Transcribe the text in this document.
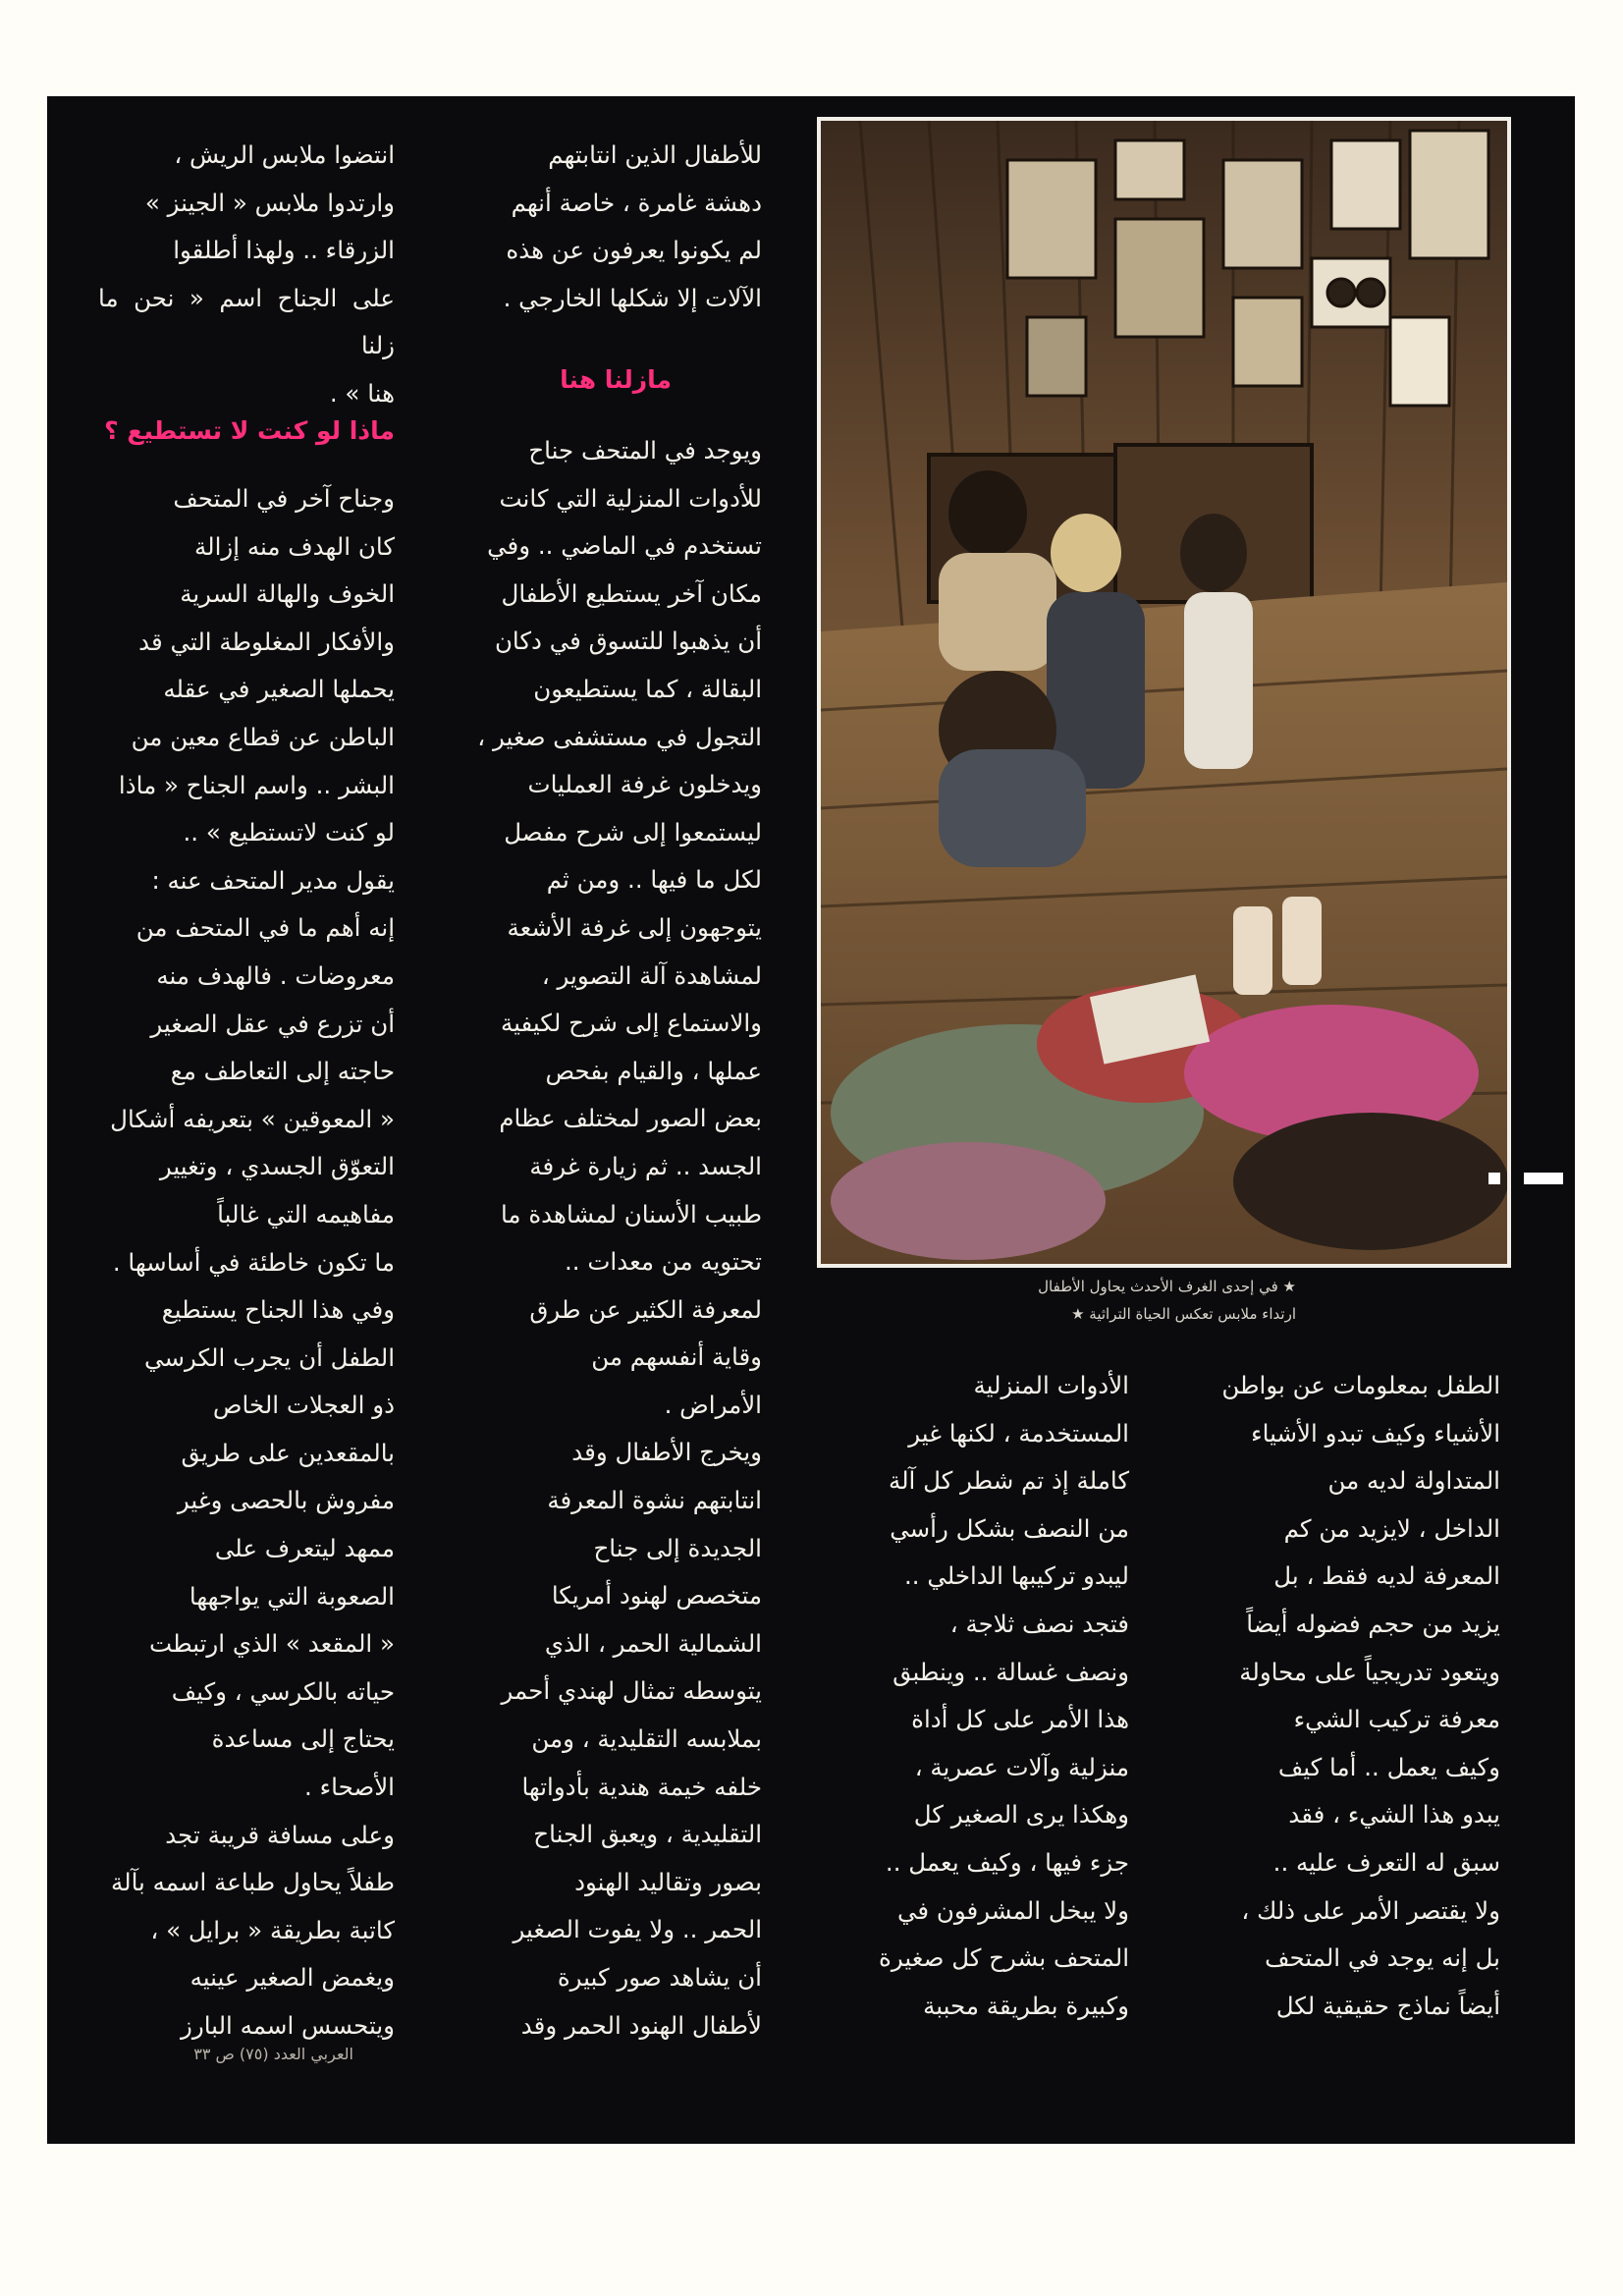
★ في إحدى الغرف الأحدث يحاول الأطفال
ارتداء ملابس تعكس الحياة التراثية ★
انتضوا ملابس الريش ،
وارتدوا ملابس « الجينز »
الزرقاء .. ولهذا أطلقوا
على الجناح اسم « نحن ما زلنا
هنا » .
ماذا لو كنت لا تستطيع ؟
وجناح آخر في المتحف
كان الهدف منه إزالة
الخوف والهالة السرية
والأفكار المغلوطة التي قد
يحملها الصغير في عقله
الباطن عن قطاع معين من
البشر .. واسم الجناح « ماذا
لو كنت لاتستطيع » ..
يقول مدير المتحف عنه :
إنه أهم ما في المتحف من
معروضات . فالهدف منه
أن تزرع في عقل الصغير
حاجته إلى التعاطف مع
« المعوقين » بتعريفه أشكال
التعوّق الجسدي ، وتغيير
مفاهيمه التي غالباً
ما تكون خاطئة في أساسها .
وفي هذا الجناح يستطيع
الطفل أن يجرب الكرسي
ذو العجلات الخاص
بالمقعدين على طريق
مفروش بالحصى وغير
ممهد ليتعرف على
الصعوبة التي يواجهها
« المقعد » الذي ارتبطت
حياته بالكرسي ، وكيف
يحتاج إلى مساعدة
الأصحاء .
وعلى مسافة قريبة تجد
طفلاً يحاول طباعة اسمه بآلة
كاتبة بطريقة « برايل » ،
ويغمض الصغير عينيه
ويتحسس اسمه البارز
للأطفال الذين انتابتهم
دهشة غامرة ، خاصة أنهم
لم يكونوا يعرفون عن هذه
الآلات إلا شكلها الخارجي .
مازلنا هنا
ويوجد في المتحف جناح
للأدوات المنزلية التي كانت
تستخدم في الماضي .. وفي
مكان آخر يستطيع الأطفال
أن يذهبوا للتسوق في دكان
البقالة ، كما يستطيعون
التجول في مستشفى صغير ،
ويدخلون غرفة العمليات
ليستمعوا إلى شرح مفصل
لكل ما فيها .. ومن ثم
يتوجهون إلى غرفة الأشعة
لمشاهدة آلة التصوير ،
والاستماع إلى شرح لكيفية
عملها ، والقيام بفحص
بعض الصور لمختلف عظام
الجسد .. ثم زيارة غرفة
طبيب الأسنان لمشاهدة ما
تحتويه من معدات ..
لمعرفة الكثير عن طرق
وقاية أنفسهم من
الأمراض .
ويخرج الأطفال وقد
انتابتهم نشوة المعرفة
الجديدة إلى جناح
متخصص لهنود أمريكا
الشمالية الحمر ، الذي
يتوسطه تمثال لهندي أحمر
بملابسه التقليدية ، ومن
خلفه خيمة هندية بأدواتها
التقليدية ، ويعبق الجناح
بصور وتقاليد الهنود
الحمر .. ولا يفوت الصغير
أن يشاهد صور كبيرة
لأطفال الهنود الحمر وقد
الأدوات المنزلية
المستخدمة ، لكنها غير
كاملة إذ تم شطر كل آلة
من النصف بشكل رأسي
ليبدو تركيبها الداخلي ..
فتجد نصف ثلاجة ،
ونصف غسالة .. وينطبق
هذا الأمر على كل أداة
منزلية وآلات عصرية ،
وهكذا يرى الصغير كل
جزء فيها ، وكيف يعمل ..
ولا يبخل المشرفون في
المتحف بشرح كل صغيرة
وكبيرة بطريقة محببة
الطفل بمعلومات عن بواطن
الأشياء وكيف تبدو الأشياء
المتداولة لديه من
الداخل ، لايزيد من كم
المعرفة لديه فقط ، بل
يزيد من حجم فضوله أيضاً
ويتعود تدريجياً على محاولة
معرفة تركيب الشيء
وكيف يعمل .. أما كيف
يبدو هذا الشيء ، فقد
سبق له التعرف عليه ..
ولا يقتصر الأمر على ذلك ،
بل إنه يوجد في المتحف
أيضاً نماذج حقيقية لكل
العربي العدد (٧٥) ص ٣٣
